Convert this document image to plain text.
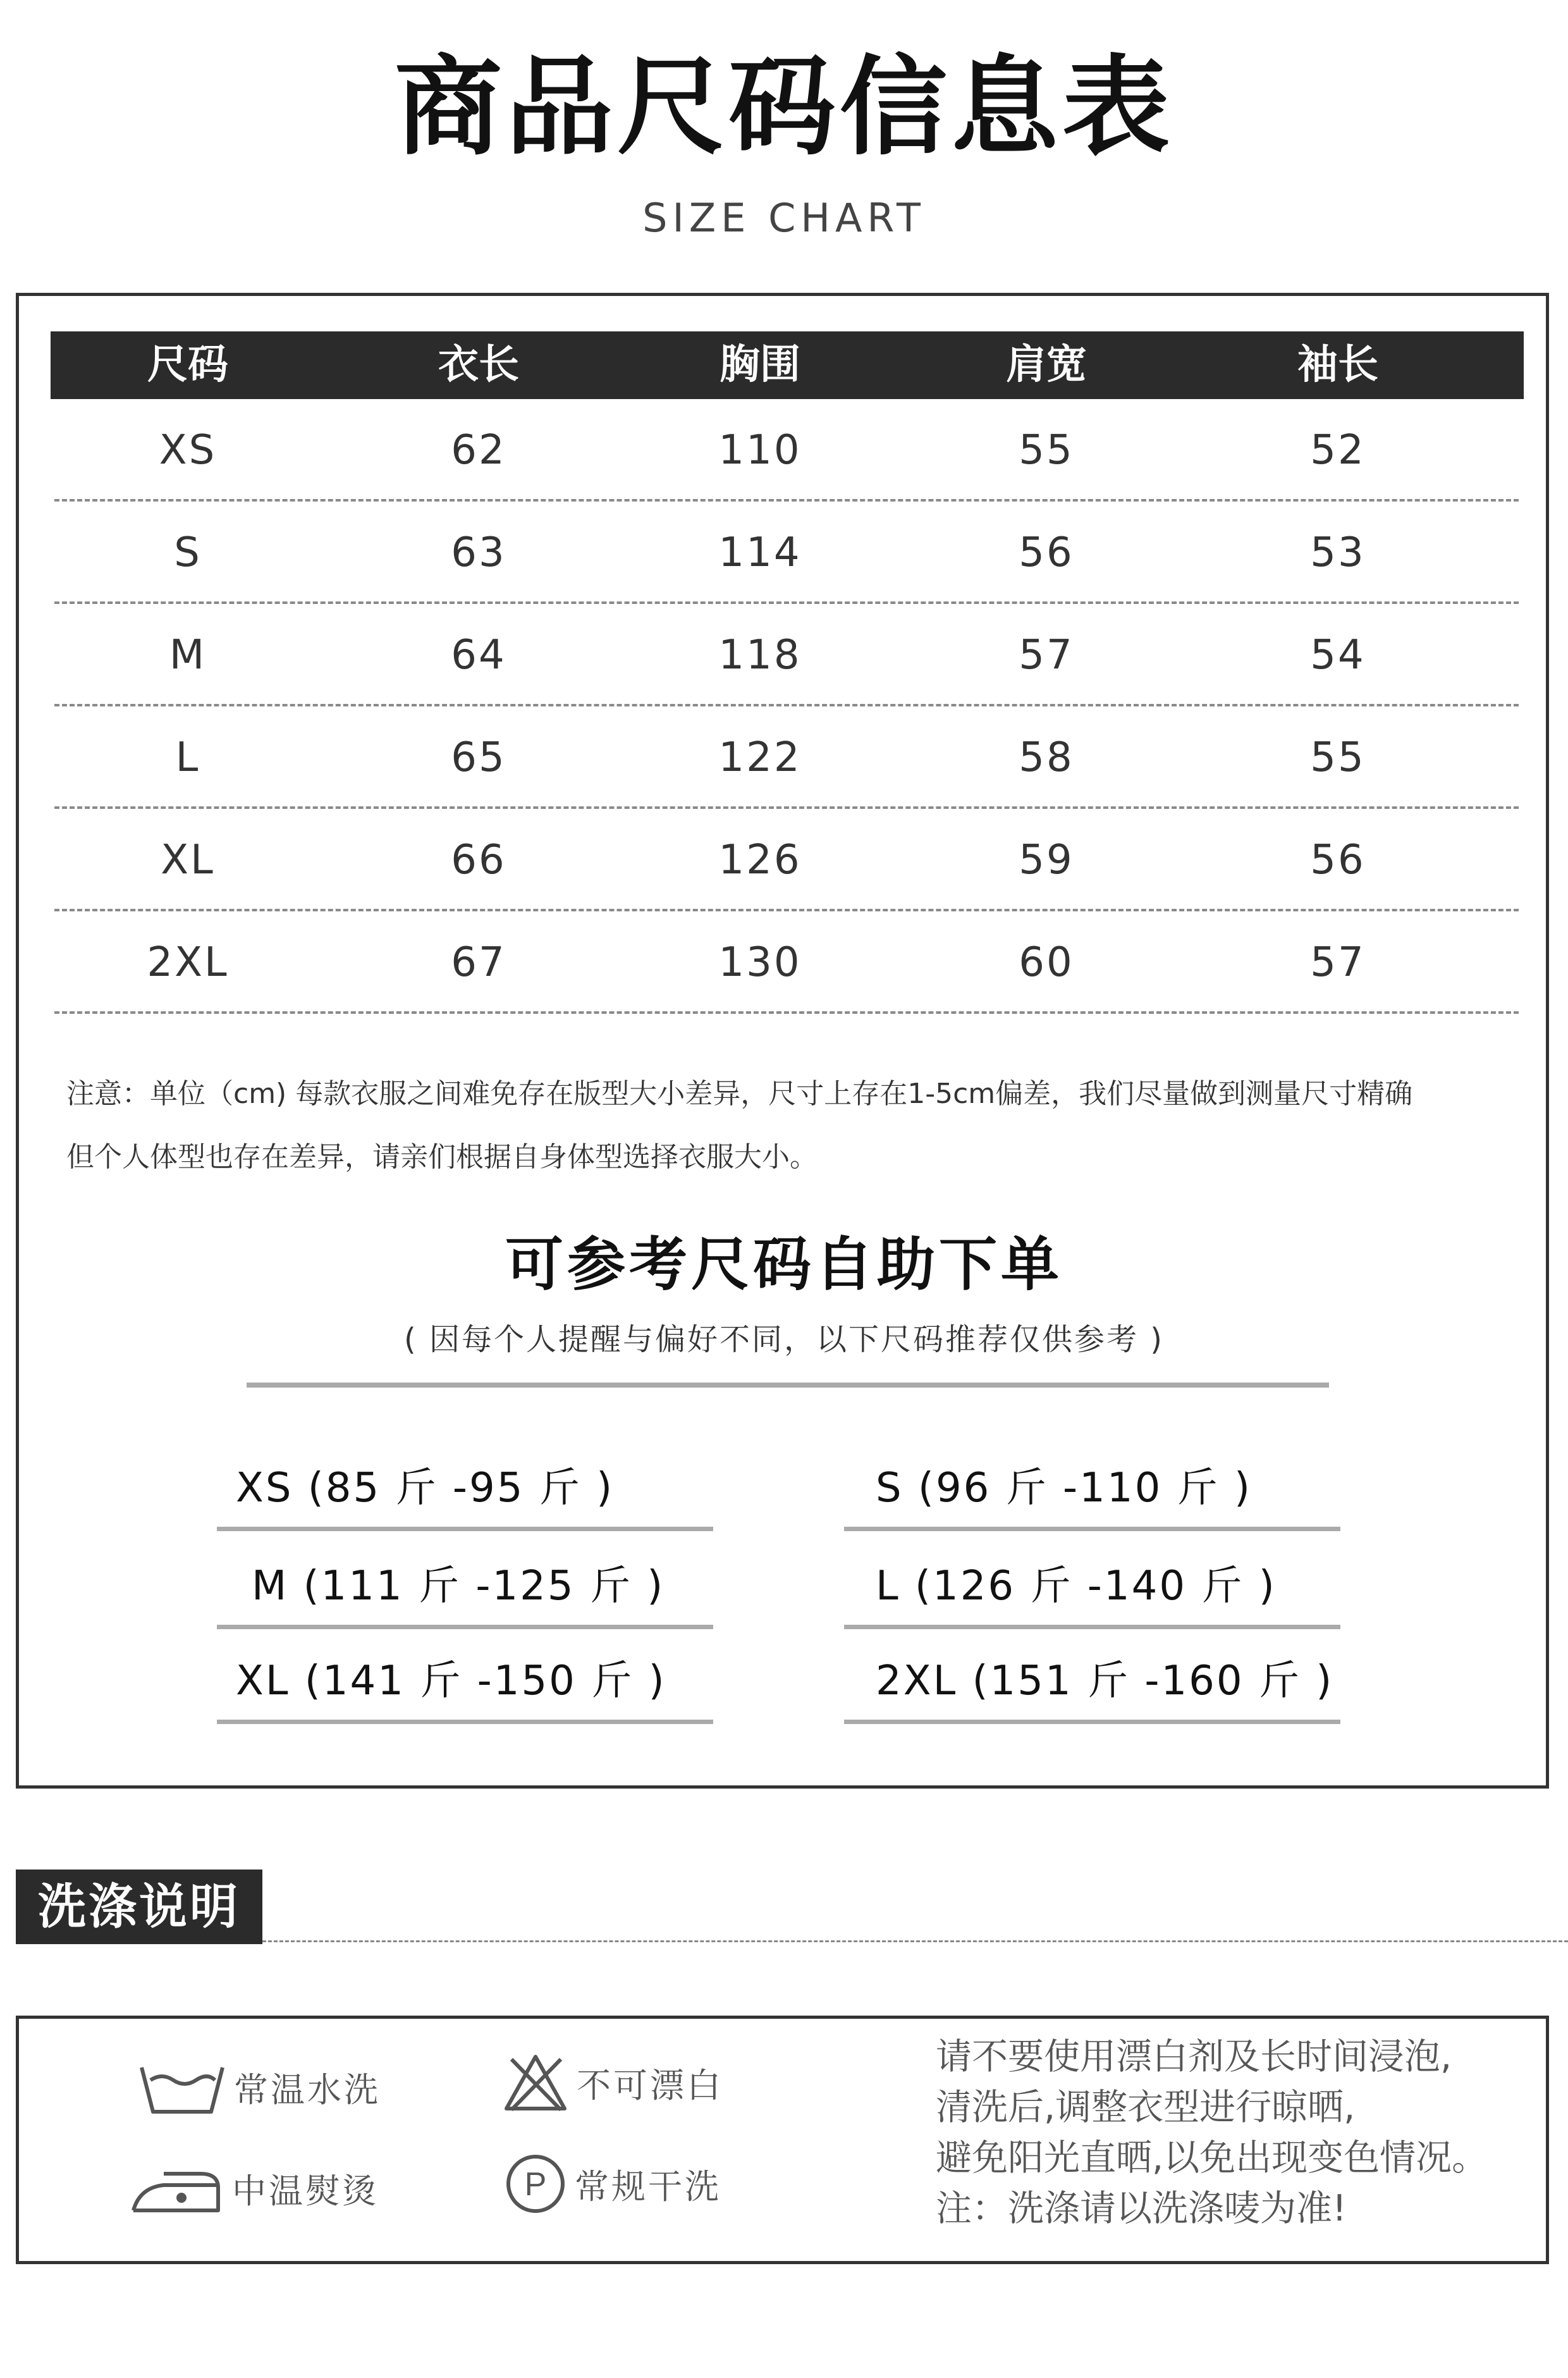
商品尺码信息表
SIZE CHART
尺码	衣长	胸围	肩宽	袖长
XS	62	110	55	52
S	63	114	56	53
M	64	118	57	54
L	65	122	58	55
XL	66	126	59	56
2XL	67	130	60	57
注意：单位（cm) 每款衣服之间难免存在版型大小差异，尺寸上存在1-5cm偏差，我们尽量做到测量尺寸精确
但个人体型也存在差异，请亲们根据自身体型选择衣服大小。
可参考尺码自助下单
( 因每个人提醒与偏好不同，以下尺码推荐仅供参考 )
XS (85 斤 -95 斤 )	S (96 斤 -110 斤 )
M (111 斤 -125 斤 )	L (126 斤 -140 斤 )
XL (141 斤 -150 斤 )	2XL (151 斤 -160 斤 )
洗涤说明
常温水洗	不可漂白
中温熨烫	P 常规干洗
请不要使用漂白剂及长时间浸泡,
清洗后,调整衣型进行晾晒,
避免阳光直晒,以免出现变色情况。
注：洗涤请以洗涤唛为准!
